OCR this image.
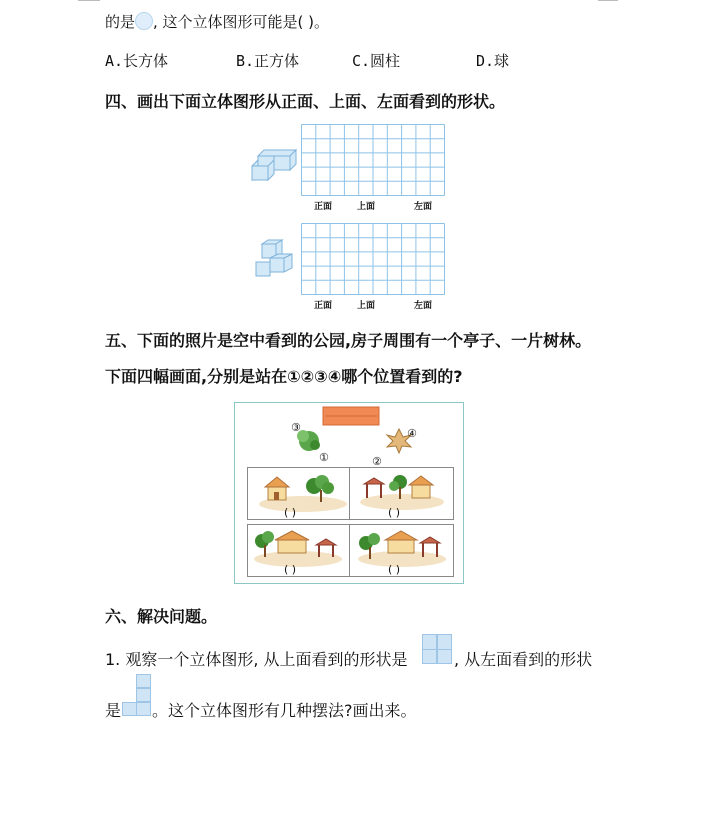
的是 , 这个立体图形可能是( )。
A.长方体	B.正方体	C.圆柱	D.球
四、画出下面立体图形从正面、上面、左面看到的形状。
正面	上面	左面
正面	上面	左面
五、下面的照片是空中看到的公园,房子周围有一个亭子、一片树林。
下面四幅画面,分别是站在①②③④哪个位置看到的?
③	④
①	②
( )	( )
( )	( )
六、解决问题。
1. 观察一个立体图形, 从上面看到的形状是	, 从左面看到的形状
是 。这个立体图形有几种摆法?画出来。
